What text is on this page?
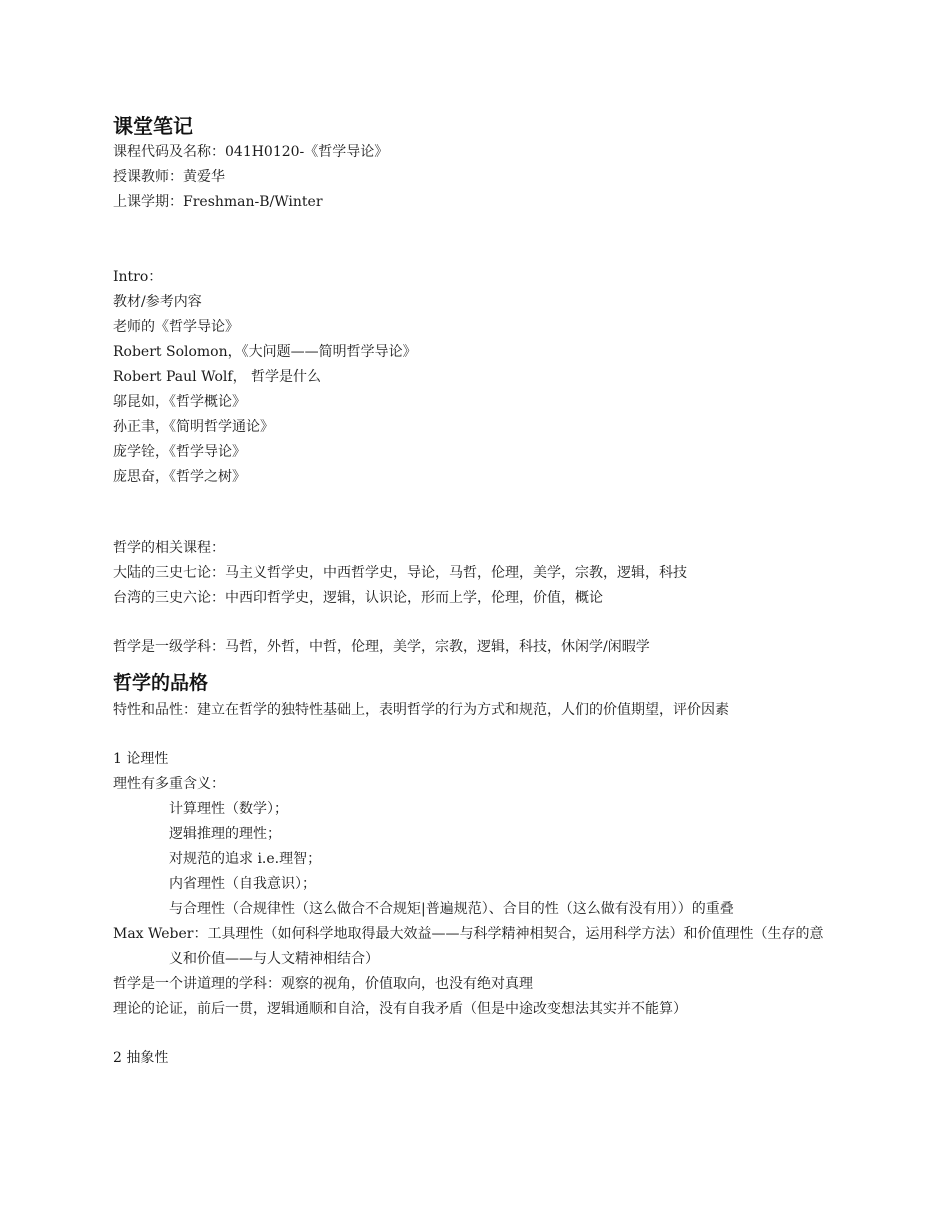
课堂笔记

课程代码及名称：041H0120-《哲学导论》

授课教师：黄爱华

上课学期：Freshman-B/Winter

Intro：

教材/参考内容

老师的《哲学导论》

Robert Solomon，《大问题——简明哲学导论》

Robert Paul Wolf， 哲学是什么

邬昆如，《哲学概论》

孙正聿，《简明哲学通论》

庞学铨，《哲学导论》

庞思奋，《哲学之树》

哲学的相关课程：

大陆的三史七论：马主义哲学史，中西哲学史，导论，马哲，伦理，美学，宗教，逻辑，科技

台湾的三史六论：中西印哲学史，逻辑，认识论，形而上学，伦理，价值，概论

哲学是一级学科：马哲，外哲，中哲，伦理，美学，宗教，逻辑，科技，休闲学/闲暇学

哲学的品格

特性和品性：建立在哲学的独特性基础上，表明哲学的行为方式和规范，人们的价值期望，评价因素

1 论理性

理性有多重含义：

计算理性（数学）；

逻辑推理的理性；

对规范的追求 i.e.理智；

内省理性（自我意识）；

与合理性（合规律性（这么做合不合规矩|普遍规范）、合目的性（这么做有没有用））的重叠

Max Weber：工具理性（如何科学地取得最大效益——与科学精神相契合，运用科学方法）和价值理性（生存的意义和价值——与人文精神相结合）

哲学是一个讲道理的学科：观察的视角，价值取向，也没有绝对真理

理论的论证，前后一贯，逻辑通顺和自洽，没有自我矛盾（但是中途改变想法其实并不能算）

2 抽象性
